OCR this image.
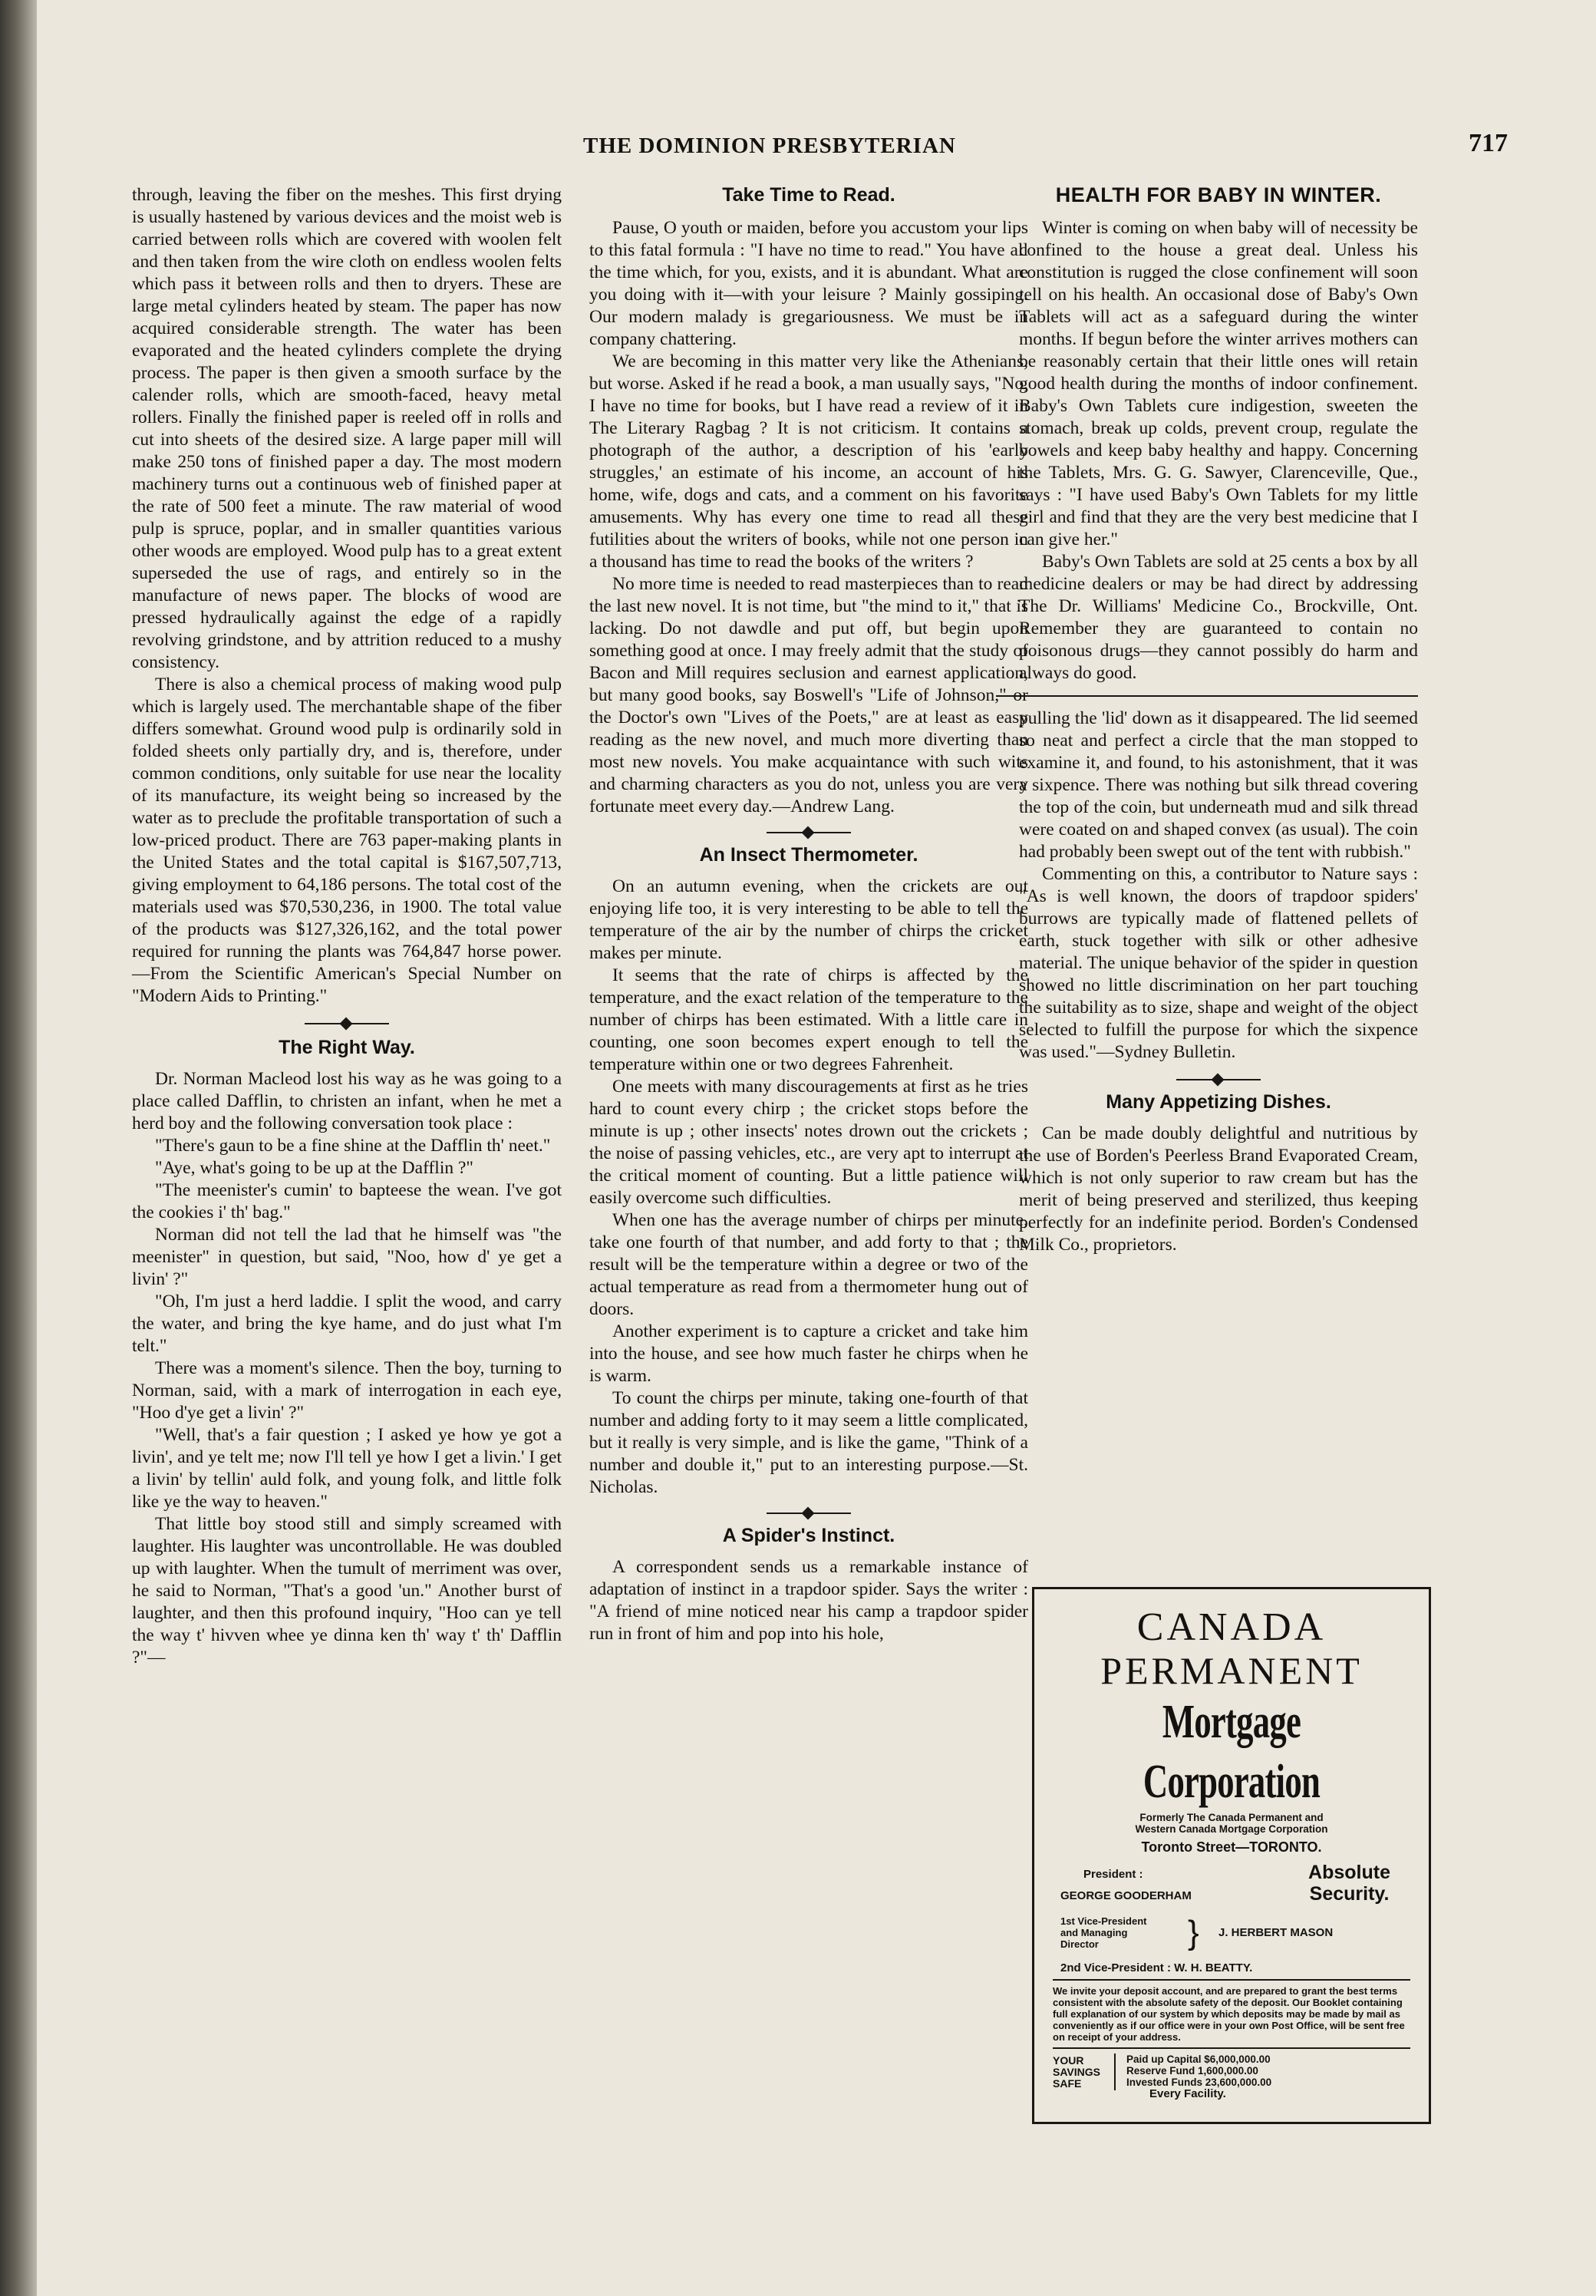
THE DOMINION PRESBYTERIAN	717

through, leaving the fiber on the meshes. This first drying is usually hastened by various devices and the moist web is carried between rolls which are covered with woolen felt and then taken from the wire cloth on endless woolen felts which pass it between rolls and then to dryers. These are large metal cylinders heated by steam. The paper has now acquired considerable strength. The water has been evaporated and the heated cylinders complete the drying process. The paper is then given a smooth surface by the calender rolls, which are smooth-faced, heavy metal rollers. Finally the finished paper is reeled off in rolls and cut into sheets of the desired size. A large paper mill will make 250 tons of finished paper a day. The most modern machinery turns out a continuous web of finished paper at the rate of 500 feet a minute. The raw material of wood pulp is spruce, poplar, and in smaller quantities various other woods are employed. Wood pulp has to a great extent superseded the use of rags, and entirely so in the manufacture of news paper. The blocks of wood are pressed hydraulically against the edge of a rapidly revolving grindstone, and by attrition reduced to a mushy consistency.

There is also a chemical process of making wood pulp which is largely used. The merchantable shape of the fiber differs somewhat. Ground wood pulp is ordinarily sold in folded sheets only partially dry, and is, therefore, under common conditions, only suitable for use near the locality of its manufacture, its weight being so increased by the water as to preclude the profitable transportation of such a low-priced product. There are 763 paper-making plants in the United States and the total capital is $167,507,713, giving employment to 64,186 persons. The total cost of the materials used was $70,530,236, in 1900. The total value of the products was $127,326,162, and the total power required for running the plants was 764,847 horse power.—From the Scientific American's Special Number on "Modern Aids to Printing."

The Right Way.

Dr. Norman Macleod lost his way as he was going to a place called Dafflin, to christen an infant, when he met a herd boy and the following conversation took place :

"There's gaun to be a fine shine at the Dafflin th' neet."

"Aye, what's going to be up at the Dafflin ?"

"The meenister's cumin' to bapteese the wean. I've got the cookies i' th' bag."

Norman did not tell the lad that he himself was "the meenister" in question, but said, "Noo, how d' ye get a livin' ?"

"Oh, I'm just a herd laddie. I split the wood, and carry the water, and bring the kye hame, and do just what I'm telt."

There was a moment's silence. Then the boy, turning to Norman, said, with a mark of interrogation in each eye, "Hoo d'ye get a livin' ?"

"Well, that's a fair question ; I asked ye how ye got a livin', and ye telt me; now I'll tell ye how I get a livin.' I get a livin' by tellin' auld folk, and young folk, and little folk like ye the way to heaven."

That little boy stood still and simply screamed with laughter. His laughter was uncontrollable. He was doubled up with laughter. When the tumult of merriment was over, he said to Norman, "That's a good 'un." Another burst of laughter, and then this profound inquiry, "Hoo can ye tell the way t' hivven whee ye dinna ken th' way t' th' Dafflin ?"—

Take Time to Read.

Pause, O youth or maiden, before you accustom your lips to this fatal formula : "I have no time to read." You have all the time which, for you, exists, and it is abundant. What are you doing with it—with your leisure ? Mainly gossiping. Our modern malady is gregariousness. We must be in company chattering.

We are becoming in this matter very like the Athenians, but worse. Asked if he read a book, a man usually says, "No, I have no time for books, but I have read a review of it in The Literary Ragbag ? It is not criticism. It contains a photograph of the author, a description of his 'early struggles,' an estimate of his income, an account of his home, wife, dogs and cats, and a comment on his favorite amusements. Why has every one time to read all these futilities about the writers of books, while not one person in a thousand has time to read the books of the writers ?

No more time is needed to read masterpieces than to read the last new novel. It is not time, but "the mind to it," that is lacking. Do not dawdle and put off, but begin upon something good at once. I may freely admit that the study of Bacon and Mill requires seclusion and earnest application, but many good books, say Boswell's "Life of Johnson," or the Doctor's own "Lives of the Poets," are at least as easy reading as the new novel, and much more diverting than most new novels. You make acquaintance with such wits and charming characters as you do not, unless you are very fortunate meet every day.—Andrew Lang.

An Insect Thermometer.

On an autumn evening, when the crickets are out enjoying life too, it is very interesting to be able to tell the temperature of the air by the number of chirps the cricket makes per minute.

It seems that the rate of chirps is affected by the temperature, and the exact relation of the temperature to the number of chirps has been estimated. With a little care in counting, one soon becomes expert enough to tell the temperature within one or two degrees Fahrenheit.

One meets with many discouragements at first as he tries hard to count every chirp ; the cricket stops before the minute is up ; other insects' notes drown out the crickets ; the noise of passing vehicles, etc., are very apt to interrupt at the critical moment of counting. But a little patience will easily overcome such difficulties.

When one has the average number of chirps per minute, take one fourth of that number, and add forty to that ; the result will be the temperature within a degree or two of the actual temperature as read from a thermometer hung out of doors.

Another experiment is to capture a cricket and take him into the house, and see how much faster he chirps when he is warm.

To count the chirps per minute, taking one-fourth of that number and adding forty to it may seem a little complicated, but it really is very simple, and is like the game, "Think of a number and double it," put to an interesting purpose.—St. Nicholas.

A Spider's Instinct.

A correspondent sends us a remarkable instance of adaptation of instinct in a trapdoor spider. Says the writer : "A friend of mine noticed near his camp a trapdoor spider run in front of him and pop into his hole,

HEALTH FOR BABY IN WINTER.

Winter is coming on when baby will of necessity be confined to the house a great deal. Unless his constitution is rugged the close confinement will soon tell on his health. An occasional dose of Baby's Own Tablets will act as a safeguard during the winter months. If begun before the winter arrives mothers can be reasonably certain that their little ones will retain good health during the months of indoor confinement. Baby's Own Tablets cure indigestion, sweeten the stomach, break up colds, prevent croup, regulate the bowels and keep baby healthy and happy. Concerning the Tablets, Mrs. G. G. Sawyer, Clarenceville, Que., says : "I have used Baby's Own Tablets for my little girl and find that they are the very best medicine that I can give her."

Baby's Own Tablets are sold at 25 cents a box by all medicine dealers or may be had direct by addressing The Dr. Williams' Medicine Co., Brockville, Ont. Remember they are guaranteed to contain no poisonous drugs—they cannot possibly do harm and always do good.

pulling the 'lid' down as it disappeared. The lid seemed so neat and perfect a circle that the man stopped to examine it, and found, to his astonishment, that it was a sixpence. There was nothing but silk thread covering the top of the coin, but underneath mud and silk thread were coated on and shaped convex (as usual). The coin had probably been swept out of the tent with rubbish."

Commenting on this, a contributor to Nature says : "As is well known, the doors of trapdoor spiders' burrows are typically made of flattened pellets of earth, stuck together with silk or other adhesive material. The unique behavior of the spider in question showed no little discrimination on her part touching the suitability as to size, shape and weight of the object selected to fulfill the purpose for which the sixpence was used."—Sydney Bulletin.

Many Appetizing Dishes.

Can be made doubly delightful and nutritious by the use of Borden's Peerless Brand Evaporated Cream, which is not only superior to raw cream but has the merit of being preserved and sterilized, thus keeping perfectly for an indefinite period. Borden's Condensed Milk Co., proprietors.

CANADA
PERMANENT
Mortgage Corporation
Formerly The Canada Permanent and
Western Canada Mortgage Corporation
Toronto Street—TORONTO.
President :
GEORGE GOODERHAM
Absolute
Security.
1st Vice-President
and Managing
Director	} J. HERBERT MASON
2nd Vice-President : W. H. BEATTY.
We invite your deposit account, and are prepared to grant the best terms consistent with the absolute safety of the deposit. Our Booklet containing full explanation of our system by which deposits may be made by mail as conveniently as if our office were in your own Post Office, will be sent free on receipt of your address.
YOUR
SAVINGS
SAFE
Paid up Capital $6,000,000.00
Reserve Fund 1,600,000.00
Invested Funds 23,600,000.00
Every Facility.
